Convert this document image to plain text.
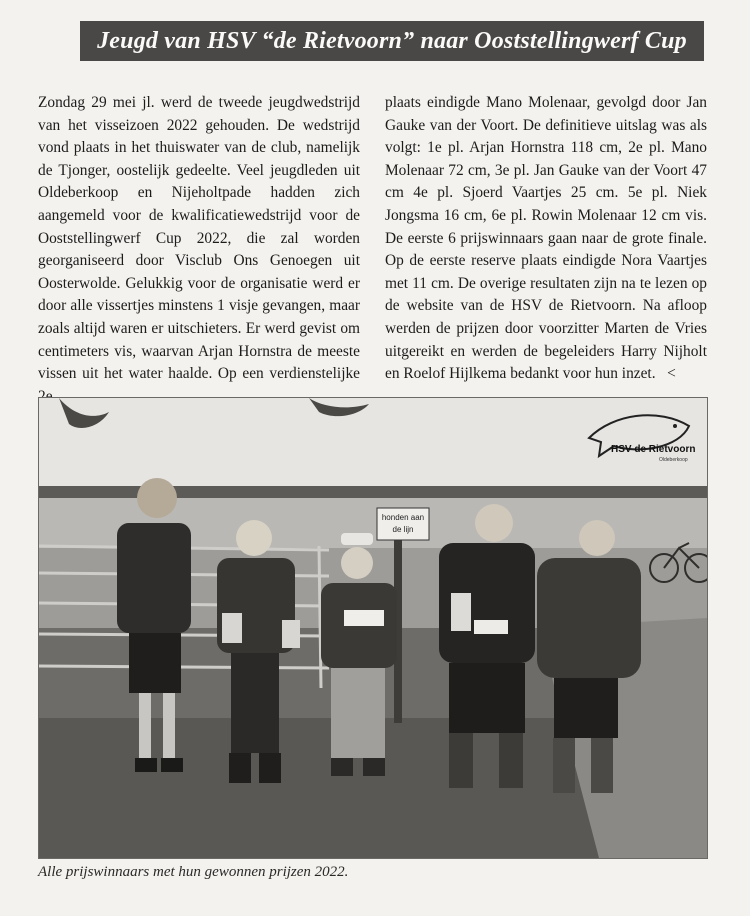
Jeugd van HSV “de Rietvoorn” naar Ooststellingwerf Cup

Zondag 29 mei jl. werd de tweede jeugdwedstrijd van het visseizoen 2022 gehouden. De wedstrijd vond plaats in het thuiswater van de club, namelijk de Tjonger, oostelijk gedeelte. Veel jeugdleden uit Oldeberkoop en Nijeholtpade hadden zich aangemeld voor de kwalificatiewedstrijd voor de Ooststellingwerf Cup 2022, die zal worden georganiseerd door Visclub Ons Genoegen uit Oosterwolde. Gelukkig voor de organisatie werd er door alle vissertjes minstens 1 visje gevangen, maar zoals altijd waren er uitschieters. Er werd gevist om centimeters vis, waarvan Arjan Hornstra de meeste vissen uit het water haalde. Op een verdienstelijke

plaats eindigde Mano Molenaar, gevolgd door Jan Gauke van der Voort. De definitieve uitslag was als volgt: 1e pl. Arjan Hornstra 118 cm, 2e pl. Mano Molenaar 72 cm, 3e pl. Jan Gauke van der Voort 47 cm 4e pl. Sjoerd Vaartjes 25 cm. 5e pl. Niek Jongsma 16 cm, 6e pl. Rowin Molenaar 12 cm vis. De eerste 6 prijswinnaars gaan naar de grote finale. Op de eerste reserve plaats eindigde Nora Vaartjes met 11 cm. De overige resultaten zijn na te lezen op de website van de HSV de Rietvoorn. Na afloop werden de prijzen door voorzitter Marten de Vries uitgereikt en werden de begeleiders Harry Nijholt en Roelof Hijlkema bedankt voor hun inzet. <

honden aan
de lijn
HSV de Rietvoorn
Oldeberkoop
Alle prijswinnaars met hun gewonnen prijzen 2022.
